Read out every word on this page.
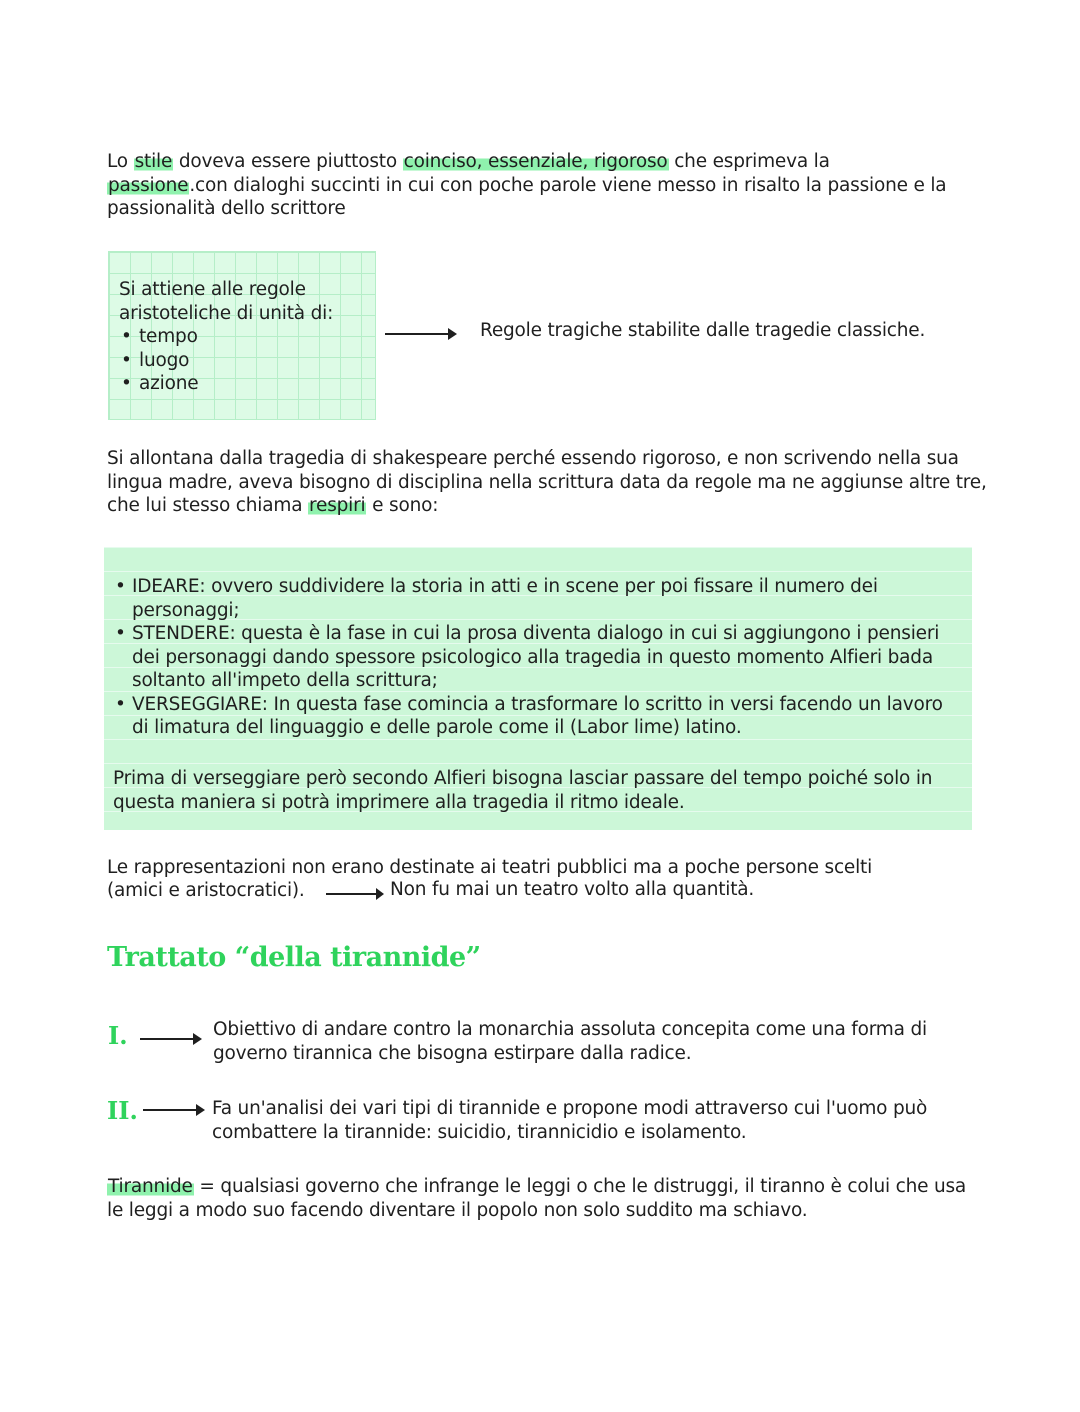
Lo stile doveva essere piuttosto coinciso, essenziale, rigoroso che esprimeva la
passione.con dialoghi succinti in cui con poche parole viene messo in risalto la passione e la passionalità dello scrittore
Si attiene alle regole aristoteliche di unità di:
• tempo
• luogo
• azione
Regole tragiche stabilite dalle tragedie classiche.
Si allontana dalla tragedia di shakespeare perché essendo rigoroso, e non scrivendo nella sua lingua madre, aveva bisogno di disciplina nella scrittura data da regole ma ne aggiunse altre tre, che lui stesso chiama respiri e sono:
• IDEARE: ovvero suddividere la storia in atti e in scene per poi fissare il numero dei personaggi;
• STENDERE: questa è la fase in cui la prosa diventa dialogo in cui si aggiungono i pensieri dei personaggi dando spessore psicologico alla tragedia in questo momento Alfieri bada soltanto all'impeto della scrittura;
• VERSEGGIARE: In questa fase comincia a trasformare lo scritto in versi facendo un lavoro di limatura del linguaggio e delle parole come il (Labor lime) latino.
Prima di verseggiare però secondo Alfieri bisogna lasciar passare del tempo poiché solo in questa maniera si potrà imprimere alla tragedia il ritmo ideale.
Le rappresentazioni non erano destinate ai teatri pubblici ma a poche persone scelti
(amici e aristocratici).	Non fu mai un teatro volto alla quantità.
Trattato “della tirannide”
I.	Obiettivo di andare contro la monarchia assoluta concepita come una forma di governo tirannica che bisogna estirpare dalla radice.
II.	Fa un'analisi dei vari tipi di tirannide e propone modi attraverso cui l'uomo può combattere la tirannide: suicidio, tirannicidio e isolamento.
Tirannide = qualsiasi governo che infrange le leggi o che le distruggi, il tiranno è colui che usa le leggi a modo suo facendo diventare il popolo non solo suddito ma schiavo.
